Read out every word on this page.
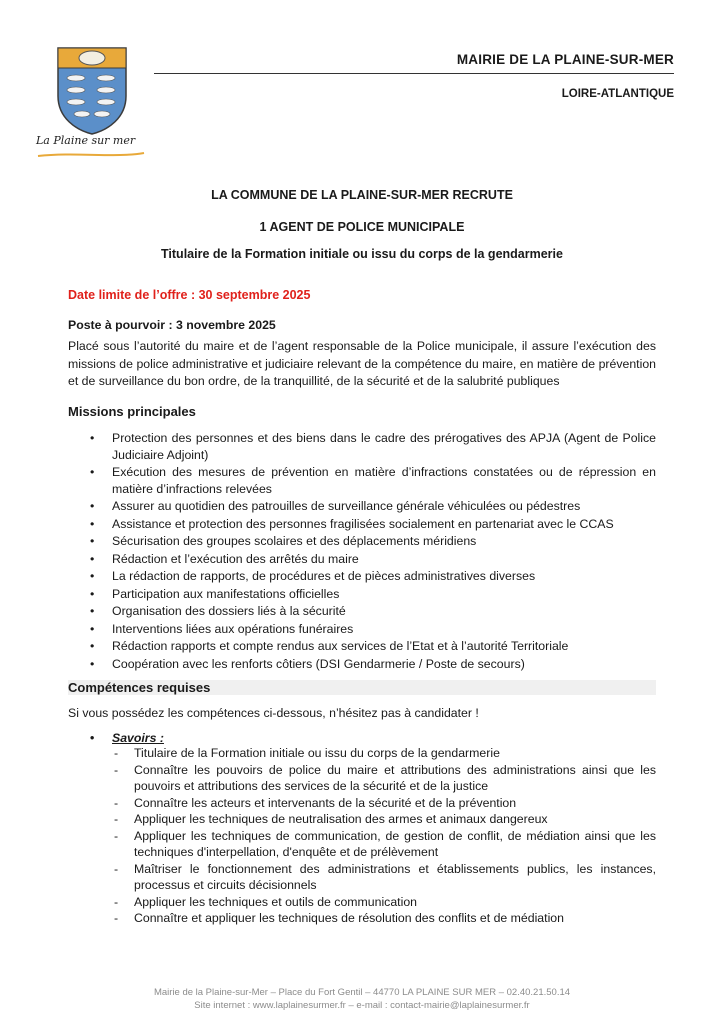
La Plaine sur mer
MAIRIE DE LA PLAINE-SUR-MER
LOIRE-ATLANTIQUE
LA COMMUNE DE LA PLAINE-SUR-MER RECRUTE
1 AGENT DE POLICE MUNICIPALE
Titulaire de la Formation initiale ou issu du corps de la gendarmerie
Date limite de l’offre : 30 septembre 2025
Poste à pourvoir : 3 novembre 2025
Placé sous l’autorité du maire et de l’agent responsable de la Police municipale, il assure l’exécution des missions de police administrative et judiciaire relevant de la compétence du maire, en matière de prévention et de surveillance du bon ordre, de la tranquillité, de la sécurité et de la salubrité publiques
Missions principales
• Protection des personnes et des biens dans le cadre des prérogatives des APJA (Agent de Police Judiciaire Adjoint)
• Exécution des mesures de prévention en matière d’infractions constatées ou de répression en matière d’infractions relevées
• Assurer au quotidien des patrouilles de surveillance générale véhiculées ou pédestres
• Assistance et protection des personnes fragilisées socialement en partenariat avec le CCAS
• Sécurisation des groupes scolaires et des déplacements méridiens
• Rédaction et l’exécution des arrêtés du maire
• La rédaction de rapports, de procédures et de pièces administratives diverses
• Participation aux manifestations officielles
• Organisation des dossiers liés à la sécurité
• Interventions liées aux opérations funéraires
• Rédaction rapports et compte rendus aux services de l’Etat et à l’autorité Territoriale
• Coopération avec les renforts côtiers (DSI Gendarmerie / Poste de secours)
Compétences requises
Si vous possédez les compétences ci-dessous, n’hésitez pas à candidater !
• Savoirs :
- Titulaire de la Formation initiale ou issu du corps de la gendarmerie
- Connaître les pouvoirs de police du maire et attributions des administrations ainsi que les pouvoirs et attributions des services de la sécurité et de la justice
- Connaître les acteurs et intervenants de la sécurité et de la prévention
- Appliquer les techniques de neutralisation des armes et animaux dangereux
- Appliquer les techniques de communication, de gestion de conflit, de médiation ainsi que les techniques d'interpellation, d'enquête et de prélèvement
- Maîtriser le fonctionnement des administrations et établissements publics, les instances, processus et circuits décisionnels
- Appliquer les techniques et outils de communication
- Connaître et appliquer les techniques de résolution des conflits et de médiation
Mairie de la Plaine-sur-Mer – Place du Fort Gentil – 44770 LA PLAINE SUR MER – 02.40.21.50.14
Site internet : www.laplainesurmer.fr – e-mail : contact-mairie@laplainesurmer.fr
